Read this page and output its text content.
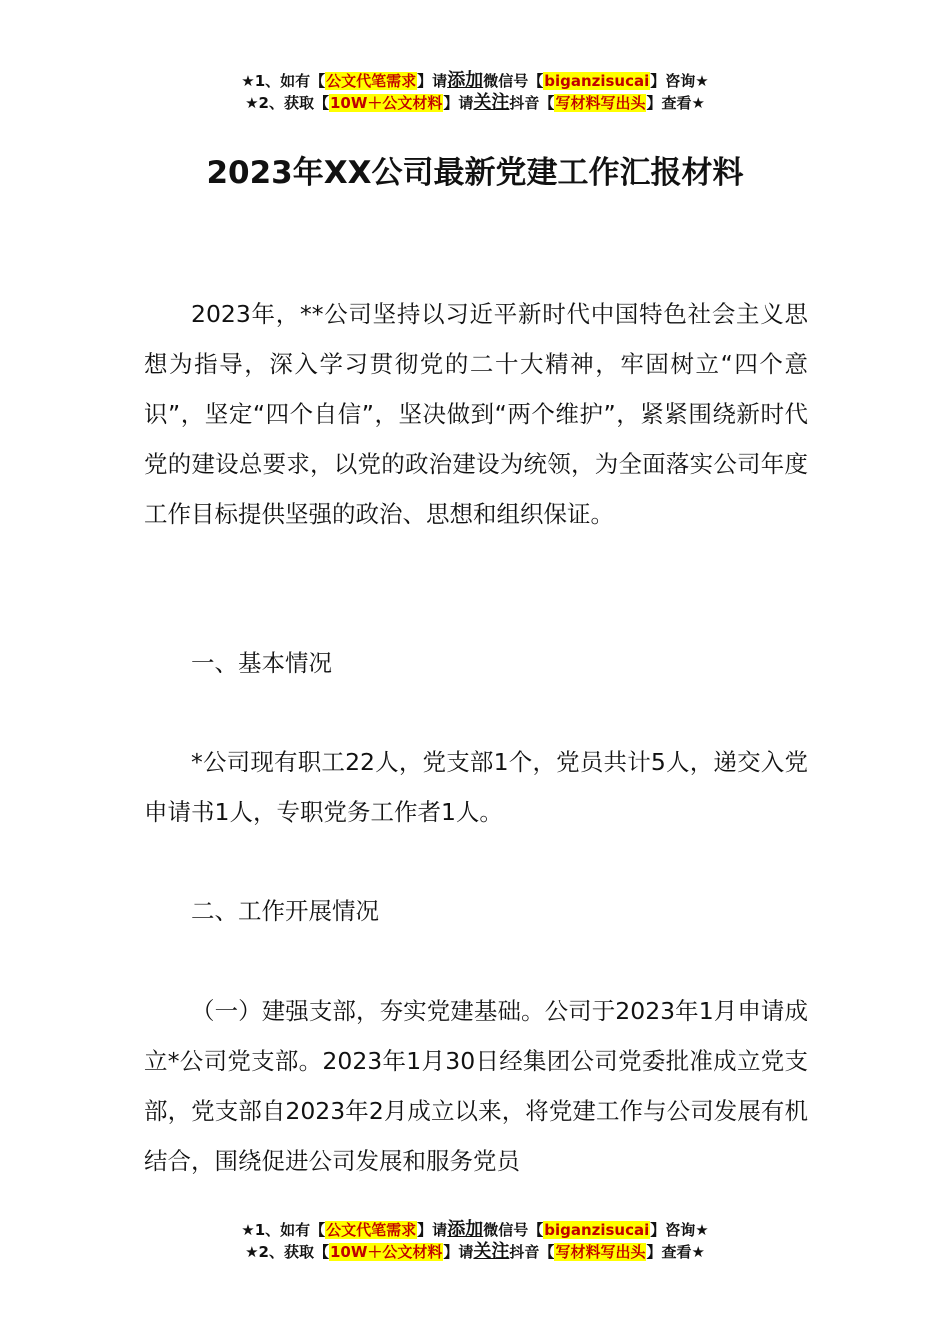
★1、如有【公文代笔需求】请添加微信号【biganzisucai】咨询★
★2、获取【10W＋公文材料】请关注抖音【写材料写出头】查看★
2023年XX公司最新党建工作汇报材料

2023年，**公司坚持以习近平新时代中国特色社会主义思想为指导，深入学习贯彻党的二十大精神，牢固树立“四个意识”，坚定“四个自信”，坚决做到“两个维护”，紧紧围绕新时代党的建设总要求，以党的政治建设为统领，为全面落实公司年度工作目标提供坚强的政治、思想和组织保证。

一、基本情况

*公司现有职工22人，党支部1个，党员共计5人，递交入党申请书1人，专职党务工作者1人。

二、工作开展情况

（一）建强支部，夯实党建基础。公司于2023年1月申请成立*公司党支部。2023年1月30日经集团公司党委批准成立党支部，党支部自2023年2月成立以来，将党建工作与公司发展有机结合，围绕促进公司发展和服务党员

★1、如有【公文代笔需求】请添加微信号【biganzisucai】咨询★
★2、获取【10W＋公文材料】请关注抖音【写材料写出头】查看★
